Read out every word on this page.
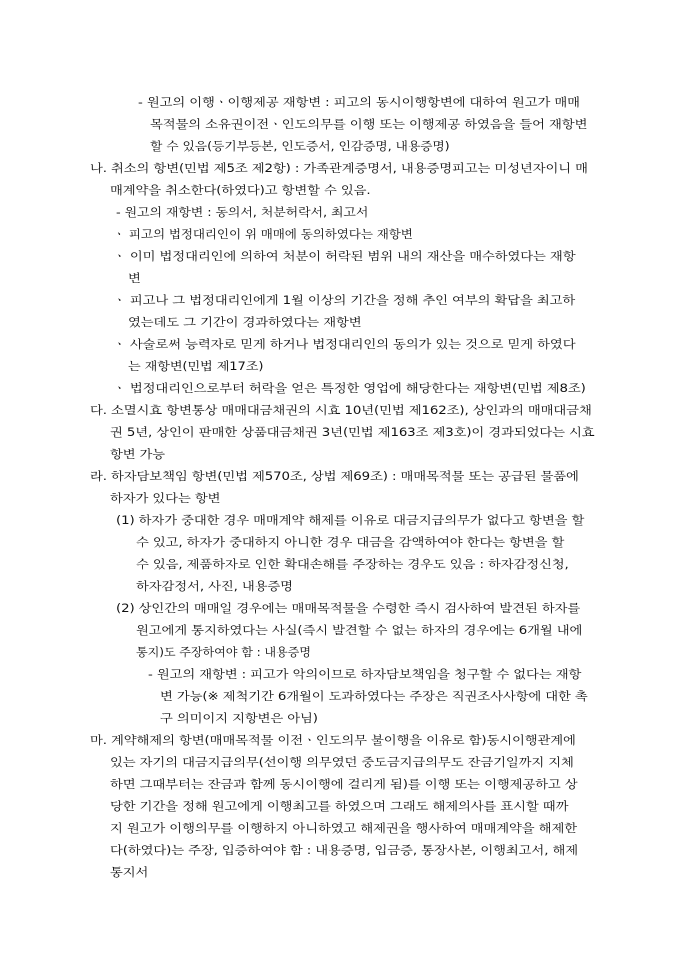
- 원고의 이행ㆍ이행제공 재항변 : 피고의 동시이행항변에 대하여 원고가 매매
목적물의 소유권이전ㆍ인도의무를 이행 또는 이행제공 하였음을 들어 재항변
할 수 있음(등기부등본, 인도증서, 인감증명, 내용증명)
나. 취소의 항변(민법 제5조 제2항) : 가족관계증명서, 내용증명피고는 미성년자이니 매
매계약을 취소한다(하였다)고 항변할 수 있음.
- 원고의 재항변 : 동의서, 처분허락서, 최고서
ㆍ 피고의 법정대리인이 위 매매에 동의하였다는 재항변
ㆍ 이미 법정대리인에 의하여 처분이 허락된 범위 내의 재산을 매수하였다는 재항
변
ㆍ 피고나 그 법정대리인에게 1월 이상의 기간을 정해 추인 여부의 확답을 최고하
였는데도 그 기간이 경과하였다는 재항변
ㆍ 사술로써 능력자로 믿게 하거나 법정대리인의 동의가 있는 것으로 믿게 하였다
는 재항변(민법 제17조)
ㆍ 법정대리인으로부터 허락을 얻은 특정한 영업에 해당한다는 재항변(민법 제8조)
다. 소멸시효 항변통상 매매대금채권의 시효 10년(민법 제162조), 상인과의 매매대금채
권 5년, 상인이 판매한 상품대금채권 3년(민법 제163조 제3호)이 경과되었다는 시효
항변 가능
라. 하자담보책임 항변(민법 제570조, 상법 제69조) : 매매목적물 또는 공급된 물품에
하자가 있다는 항변
(1) 하자가 중대한 경우 매매계약 해제를 이유로 대금지급의무가 없다고 항변을 할
수 있고, 하자가 중대하지 아니한 경우 대금을 감액하여야 한다는 항변을 할
수 있음, 제품하자로 인한 확대손해를 주장하는 경우도 있음 : 하자감정신청,
하자감정서, 사진, 내용증명
(2) 상인간의 매매일 경우에는 매매목적물을 수령한 즉시 검사하여 발견된 하자를
원고에게 통지하였다는 사실(즉시 발견할 수 없는 하자의 경우에는 6개월 내에
통지)도 주장하여야 함 : 내용증명
- 원고의 재항변 : 피고가 악의이므로 하자담보책임을 청구할 수 없다는 재항
변 가능(※ 제척기간 6개월이 도과하였다는 주장은 직권조사사항에 대한 촉
구 의미이지 지항변은 아님)
마. 계약해제의 항변(매매목적물 이전ㆍ인도의무 불이행을 이유로 함)동시이행관계에
있는 자기의 대금지급의무(선이행 의무였던 중도금지급의무도 잔금기일까지 지체
하면 그때부터는 잔금과 함께 동시이행에 걸리게 됨)를 이행 또는 이행제공하고 상
당한 기간을 정해 원고에게 이행최고를 하였으며 그래도 해제의사를 표시할 때까
지 원고가 이행의무를 이행하지 아니하였고 해제권을 행사하여 매매계약을 해제한
다(하였다)는 주장, 입증하여야 함 : 내용증명, 입금증, 통장사본, 이행최고서, 해제
통지서
